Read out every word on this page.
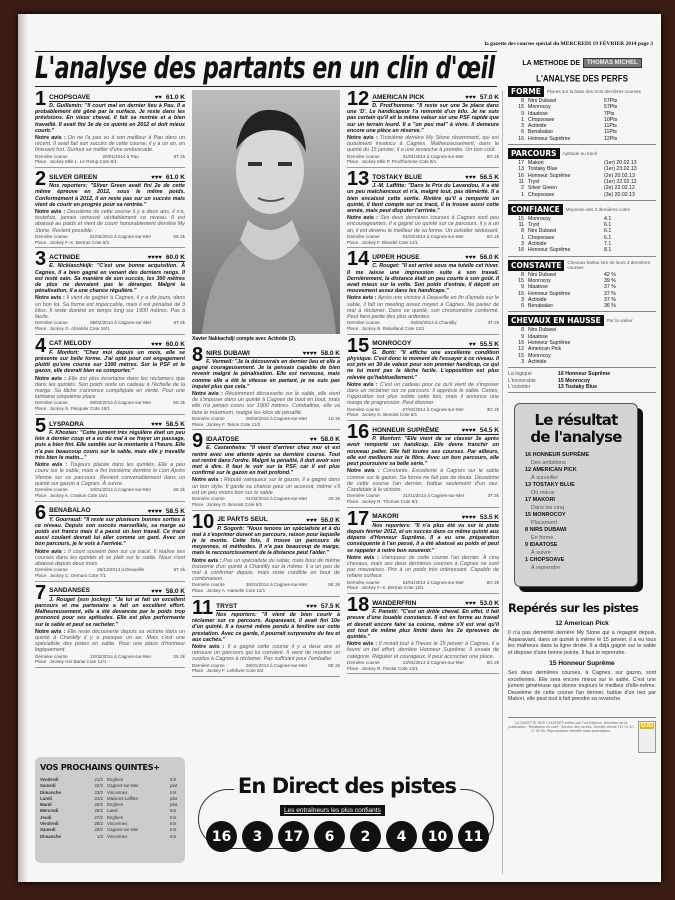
la gazette des courses spécial du MERCREDI 19 FÉVRIER 2014 page 3
L'analyse des partants en un clin d'œil
1 CHOPSOAVE	♥♥ 61.0 K
D. Guillemin: "Il court mal en dernier lieu à Pau. Il a probablement été gêné par la surface. Je reste dans les prévisions. En vieux cheval, il fait sa rentrée et a bien travaillé. Il avait fini 3e de ce quinté en 2012 et doit mieux courir."
Notre avis : On ne l'a pas vu à son meilleur à Pau dans un récent. Il avait fait son succès de cette course, il y a un an, en finissant fort. Surtout se méfier d'une embuscade.
Dernière course	20/01/2014 à Pau	6T 2k
Place Jockey Mlle L. Le Pemp Cote 8/1
2 SILVER GREEN	♥♥♥ 61.0 K
Nos reporters: "Silver Green avait fini 2e de cette même épreuve en 2012, sous le même poids. Conformément à 2012, il en reste pas sur un succès mais vient de courir en progrès pour sa rentrée."
Notre avis : Deuxième de cette course il y a deux ans, il n'a, toutefois, jamais retrouvé véritablement ce niveau. Il est abaissé au poids et vient de courir honorablement derrière My Stone. Revient possible.
Dernière course	01/02/2014 à Cagnes-sur-Mer	3S 2k
Place Jockey F.-X. Bertras Cote 8/1
3 ACTINIDE	♥♥♥♥ 60.0 K
E. Nicklaschkijk: "C'est une bonne acquisition. À Cagnes, il a bien gagné en venant des derniers rangs. Il est resté sain. Sa manière de son succès, les 300 mètres de plus ne devraient pas le déranger. Malgré la pénalisation, il a une chance régulière."
Notre avis : Il vient de gagner à Cagnes, il y a dix jours, dans un bon lot. Sa forme est impeccable, mais il est pénalisé de 3 kilos. Il reste dominé en temps long sur 1900 mètres. Pas à facile.
Dernière course	09/02/2014 à Cagnes-sur-Mer	6T 2k
Place Jockey G. Abrahão Cote 16/1
4 CAT MELODY	♥♥♥ 60.0 K
F. Monfort: "Chez moi depuis un mois, elle se présente sur belle forme. J'ai opté pour cet engagement plutôt qu'une course sur 1300 mètres. Sur la PSF et le gazon, elle devrait bien se comporter."
Notre avis : Elle est plus incertaine dans les réclamers que dans les quintés. Son poids reste un cadeau à l'échelle de la marge. Sa tâche s'annonce compliquée en vérité. Pour une lointaine cinquième place.
Dernière course	09/02/2014 à Cagnes-sur-Mer	8S 2k
Place Jockey S. Pasquier Cote 16/1
5 LYSPADRA	♥♥♥ 58.5 K
F. Khozian: "Cette jument très régulière était un peu loin à dernier coup et a eu du mal à se frayer un passage, puis a bien fini. Elle semble sur la montante à l'heure. Elle n'a pas beaucoup couru sur le sable, mais elle y travaille très bien le matin..."
Notre avis : Toujours placée dans les quintés. Elle a peu couru sur le sable, mais a fini troisième derrière le Lion Après Vienne sur ce parcours. Revient convenablement dans un quinté sur gazon à Cagnes. À suivre.
Dernière course	10/01/2014 à Cagnes-sur-Mer	3S 2k
Place Jockey A. Crastus Cote 15/1
6 BENABALAO	♥♥♥♥ 58.5 K
Y. Gourraud: "Il reste sur plusieurs bonnes sorties à ce niveau. Depuis son succès marseillais, sa marge au poids est franco mais il a passé un bon travail. Ce tracé aussi coulant devrait lui aller comme un gant. Avec un bon parcours, je le vois à l'arrivée."
Notre avis : Il court souvent bien sur ce tracé. Il réalise ses courses dans les quintés et se plaît sur le sable. Nous n'est abaissé depuis deux mois.
Dernière course	25/12/2013 à Deauville	5T 2k
Place Jockey C. Demuro Cote 7/1
7 SANDANSES	♥♥♥ 58.0 K
J. Rouget (son jockey): "Je lui ai fait un excellent parcours et ma partenaire a fait un excellent effort. Malheureusement, elle a été devancée par le poids trop prononcé pour ses aptitudes. Elle est plus performante sur le sable et peut se racheter."
Notre avis : Elle reste découverte depuis sa victoire dans un quinté à Chantilly il y a presque un an. Mais c'est une spécialiste des pistes en sable. Pour une place d'honneur logiquement.
Dernière course	12/02/2014 à Cagnes-sur-Mer	3S 2k
Place Jockey Gio Bariai Cote 12/1
Xavier Nakkachdji compte avec Actinide (3).
8 NIRS DUBAWI	♥♥♥♥ 58.0 K
F. Vermeil: "Je la découvrais en dernier lieu et elle a gagné courageusement. Je la pensais capable de bien revenir malgré la pénalisation. Elle est nerveuse, mais comme elle a été la vitesse en partant, je ne suis pas inquiet plus que cela."
Notre avis : Récemment découverte sur le sable, elle vient de s'imposer dans un quinté à Cagnes de bout en bout, mais elle n'a jamais couru sur 1900 mètres. Combattive, elle va faire le maximum, malgré les kilos de pénalité.
Dernière course	05/02/2014 à Cagnes-sur-Mer	1S 2k
Place Jockey F. Tanon Cote 11/2
9 IDAATOSE	♥♥ 58.0 K
E. Castanheira: "Il vient d'arriver chez moi et est rentré avec une attente après sa dernière course. Tout est rentré dans l'ordre. Malgré la pénalité, il doit avoir son mot à dire. Il faut le voir sur la PSF, car il est plus confirmé sur le gazon en trait profond."
Notre avis : Réputé vainqueur sur le gazon, il a gagné dans un bon style. Il garde sa chance pour un accessit, même s'il est un peu moins bon sur le sable.
Dernière course	01/02/2014 à Cagnes-sur-Mer	3S 2k
Place Jockey G. Benoist Cote 8/1
10 JE PARTS SEUL	♥♥♥ 56.0 K
P. Sogorb: "Nous tenons un spécialiste et à du mal à s'exprimer durant un parcours, raison pour laquelle je le monte. Cette fois, il trouve un parcours de moyennes, ni méthodes. Il n'a pas beaucoup de marge, mais le raccourcissement de la distance peut l'aider."
Notre avis : Pas un spécialiste du sable, mais bout de même troisième d'un quinté à Chantilly sur la même. Il a un peu de mal à confirmer depuis, mais reste crédible en bout de combinaison.
Dernière course	26/01/2014 à Cagnes-sur-Mer	5E 2k
Place Jockey A. Hamelin Cote 11/1
11 TRYST	♥♥♥ 57.5 K
Nos reporters: "Il vient de bien courir à réclamer sur ce parcours. Auparavant, il avait fini 10e d'un quinté. Il a tourné même pendu à fenêtre sur cette prestation. Avec ce garde, il pourrait surprendre du feu et aux cachés."
Notre avis : Il a gagné cette course il y a deux ans et retrouve un parcours qui lui convient. Il vient de montrer un surplus à Cagnes à réclamer. Pas suffisant pour l'emballer.
Dernière course	26/01/2014 à Cagnes-sur-Mer	5E 2k
Place Jockey F. Lefebvre Cote 6/2
12 AMERICAN PICK	♥♥♥ 57.0 K
D. Prod'homme: "Il reste sur une 3e place dans une 'D'. Le handicapeur l'a remonté d'un kilo. Je ne suis pas certain qu'il ait la même valeur sur une PSF rapide que sur un terrain lourd. Il a "un peu mal" à vivre. Il demeure encore une pièce en réserve."
Notre avis : Troisième derrière My Stone récemment, qui est quasiment invaincu à Cagnes. Malheureusement, dans le quinté du 15 janvier, il a une revanche à prendre. Un bon coût.
Dernière course	31/01/2014 à Cagnes-sur-Mer	8G 2k
Place Jockey Mlle P. Prod'homme Cote 8/1
13 TOSTAKY BLUE	♥♥♥ 56.5 K
J.-M. Laffitte: "Dans le Prix du Lavandou, il a été un peu malchanceux et n'a, malgré tout, pas démérité. Il a bien encaissé cette sortie. Rivière qu'il a remporté un quinté, il tient compte sur ce tracé, il la trouve aussi cette année, mais peut disputer l'arrivée."
Notre avis : Ses deux dernières courses à Cagnes sont peu encourageantes. Il a gagné un quinté sur ce parcours, il y a un an, il est devenu le meilleur de sa forme. Un outsider séduisant.
Dernière course	04/02/2014 à Cagnes-sur-Mer	6G 2k
Place Jockey F. Blondel Cote 11/1
14 UPPER HOUSE	♥♥♥ 56.0 K
C. Rouget: "Il est arrivé sous ma tutelle cet hiver. Il me laisse une impression suite à son travail. Dernièrement, la distance était un peu courte à son goût. Il avait mieux sur la volte. Son poids d'entrée, il déçoit un mouvement assez dans les handicaps."
Notre avis : Après une victoire à Deauville en fin d'année sur le sable, il fait un meeting assez moyen à Cagnes. Ne parlez de mal à réclamer. Dans ce quinté, son chronomètre conformé. Peut faire partie des plus ardentes.
Dernière course	05/02/2014 à Chantilly	3T 2k
Place Jockey B. Raballand Cote 12/1
15 MONROCOY	♥♥ 55.5 K
G. Botti: "Il affiche une excellente condition physique. C'est donc le moment de l'essayer à ce niveau. Il est pris en 30 de valeur pour son premier handicap, ce qui ne lui ment pas la tâche facile. L'opposition est plus relevée qu'habituellement."
Notre avis : C'est un cadeau pour ce qu'il vient de s'imposer dans un réclamer sur ce parcours. Il apprécie le sable. Certes, l'opposition est plus solide cette fois, mais il annonce une marge de progression. Peut étonner.
Dernière course	07/02/2014 à Cagnes-sur-Mer	3G 2k
Place Jockey G. Benoist Cote 8/1
16 HONNEUR SUPRÊME	♥♥♥♥ 54.5 K
P. Monfort: "Elle vient de se classer 3e après avoir remporté un handicap. Elle devra franchir un nouveau palier. Elle fait toutes ses courses. Par ailleurs, elle est meilleure sur le fibre. Avec un bon parcours, elle peut poursuivre sa belle série."
Notre avis : Constante. Excellente à Cagnes sur le sable comme sur le gazon. Sa forme ne fait pas de doute. Deuxième de cette course l'an dernier, battue seulement d'un nez. Candidate à la victoire.
Dernière course	31/01/2014 à Cagnes-sur-Mer	3T 2k
Place Jockey R. Thomas Cote 8/1
17 MAKORI	♥♥♥♥ 53.5 K
Nos reporters: "Il n'a plus été vu sur le piste depuis février 2012, et un succès dans ce même quinté aux dépens d'Honneur Suprême. Il a eu une préparation conséquente à l'an passé, il a été abaissé au poids et peut se rappeler à notre bon souvenir."
Notre avis : Vainqueur de cette course l'an dernier. À cinq chevaux, mais ses deux dernières courses à Cagnes ne sont pas mauvaises. Pris à un poids très intéressant. Capable de refaire surface.
Dernière course	24/01/2014 à Cagnes-sur-Mer	8G 2k
Place Jockey F.-X. Bertras Cote 13/1
18 WANDERFRIN	♥♥♥ 53.0 K
F. Panetti: "C'est un drôle cheval. En effet, il fait preuve d'une louable constance. Il est en forme au travail et devrait encore faire sa course, même s'il est vrai qu'il est tout de même plus limité dans les 2e épreuves de quintés."
Notre avis : Il restait tout à l'heure le 15 janvier à Cagnes, il a fourni un bel effort, derrière Honneur Suprême. Il essaie de catégorie. Régulier et courageux. Il peut accrocher une place.
Dernière course	13/01/2014 à Cagnes-sur-Mer	8G 2k
Place Jockey R. Pardar Cote 13/1
LA METHODE DE	THOMAS MICHEL
L'ANALYSE DES PERFS
FORME	Places sur la base des trois dernières courses
8 Nirs Dubawi	57Pts
15 Monrocoy	57Pts
9 Idaatose	7Pts
1 Chopsoave	10Pts
3 Actinide	11Pts
6 Benabalao	11Pts
16 Honneur Suprême	12Pts
PARCOURS	Aptitude au tracé
17 Makori	(1er) 20.02.13
13 Tostaky Blue	(1er) 23.02.13
16 Honneur Suprême	(2e) 20.02.13
11 Tryst	(1er) 22.02.12
2 Silver Green	(2e) 22.02.12
1 Chopsoave	(3e) 20.02.13
CONFIANCE	Moyenne des 3 dernières cotes
15 Monrocoy	4.1
11 Tryst	6.1
8 Nirs Dubawi	6.1
1 Chopsoave	6.1
3 Actinide	7.1
16 Honneur Suprême	8.1
CONSTANTE	Chevaux battus lors de leurs 3 dernières courses
8 Nirs Dubawi	42 %
15 Monrocoy	39 %
9 Idaatose	37 %
16 Honneur Suprême	37 %
3 Actinide	37 %
6 Benabalao	36 %
CHEVAUX EN HAUSSE	Par la valeur
8 Nirs Dubawi
9 Idaatose
16 Honneur Suprême
12 American Pick
15 Monrocoy
3 Actinide
La logique	16 Honneur Suprême
L'incourable	15 Monrocoy
L'outsider	13 Tostaky Blue
Le résultat de l'analyse
16 HONNEUR SUPRÊME
Des ambitions
12 AMERICAN PICK
À surveiller
13 TOSTAKY BLUE
Où mieux
17 MAKORI
Dans les cinq
15 MONROCOY
Placement
8 NIRS DUBAWI
En forme
9 IDAATOSE
À suivre
1 CHOPSOAVE
À reprendre
Repérés sur les pistes
12 American Pick

Il n'a pas démérité derrière My Stone qui a regagné depuis. Auparavant, dans un quinté à même le 15 janvier, il a eu tous les malheurs dans la ligne droite. Il a déjà gagné sur le sable et dispose d'une bonne pointe. Il faut le reprendre.

15 Honneur Suprême

Ses deux dernières courses, à Cagnes, sur gazon, sont excellentes. Elle sera encore mieux sur le sable. C'est une jument généreuse qui donne toujours le meilleur d'elle-même. Deuxième de cette course l'an dernier, battue d'un nez par Makori, elle peut tout à fait prendre sa revanche.

LA GAZETTE DES COURSES éditée par Turf Editions. Directeur de la publication · Rédaction en chef · Service des ventes. Service clients Tél. 01 40 17 00 00. Reproduction interdite sans autorisation.
OJD
VOS PROCHAINS QUINTES+
Vendredi	21/2 Enghien	trot
Samedi	22/2 Cagnes-sur-Mer	plat
Dimanche	23/2 Vincennes	trot
Lundi	24/2 Maisons-Laffitte	plat
Mardi	25/2 Enghien	plat
Mercredi	26/2 Laval	trot
Jeudi	27/2 Enghien	trot
Vendredi	28/2 Vincennes	trot
Samedi	29/2 Cagnes-sur-Mer	trot
Dimanche	1/3 Vincennes	trot
En Direct des pistes
Les entraîneurs les plus confiants
16	3	17	6	2	4	10	11
